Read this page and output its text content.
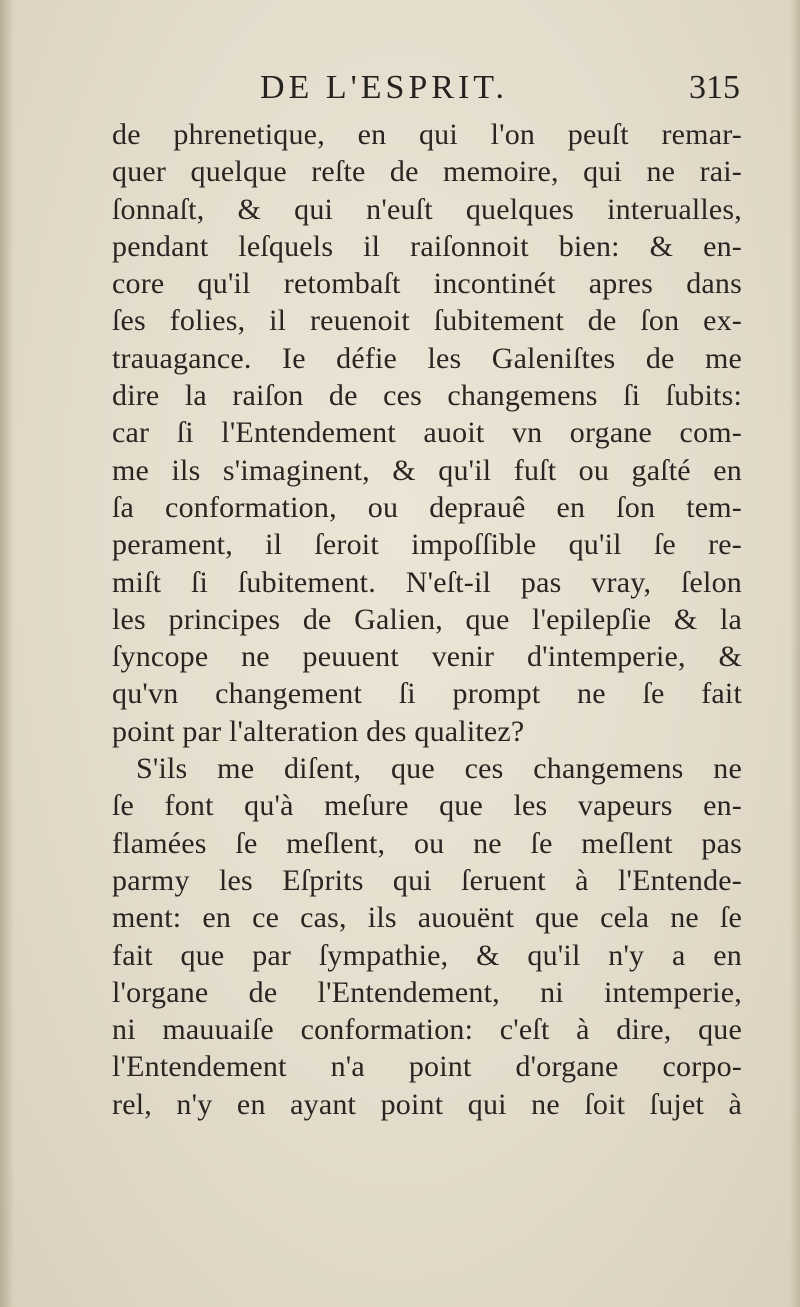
DE L'ESPRIT.	315
de phrenetique, en qui l'on peuſt remar-
quer quelque reſte de memoire, qui ne rai-
ſonnaſt, & qui n'euſt quelques interualles,
pendant leſquels il raiſonnoit bien: & en-
core qu'il retombaſt incontinét apres dans
ſes folies, il reuenoit ſubitement de ſon ex-
trauagance. Ie défie les Galeniſtes de me
dire la raiſon de ces changemens ſi ſubits:
car ſi l'Entendement auoit vn organe com-
me ils s'imaginent, & qu'il fuſt ou gaſté en
ſa conformation, ou deprauê en ſon tem-
perament, il ſeroit impoſſible qu'il ſe re-
miſt ſi ſubitement. N'eſt-il pas vray, ſelon
les principes de Galien, que l'epilepſie & la
ſyncope ne peuuent venir d'intemperie, &
qu'vn changement ſi prompt ne ſe fait
point par l'alteration des qualitez?
S'ils me diſent, que ces changemens ne
ſe font qu'à meſure que les vapeurs en-
flamées ſe meſlent, ou ne ſe meſlent pas
parmy les Eſprits qui ſeruent à l'Entende-
ment: en ce cas, ils auouënt que cela ne ſe
fait que par ſympathie, & qu'il n'y a en
l'organe de l'Entendement, ni intemperie,
ni mauuaiſe conformation: c'eſt à dire, que
l'Entendement n'a point d'organe corpo-
rel, n'y en ayant point qui ne ſoit ſujet à
